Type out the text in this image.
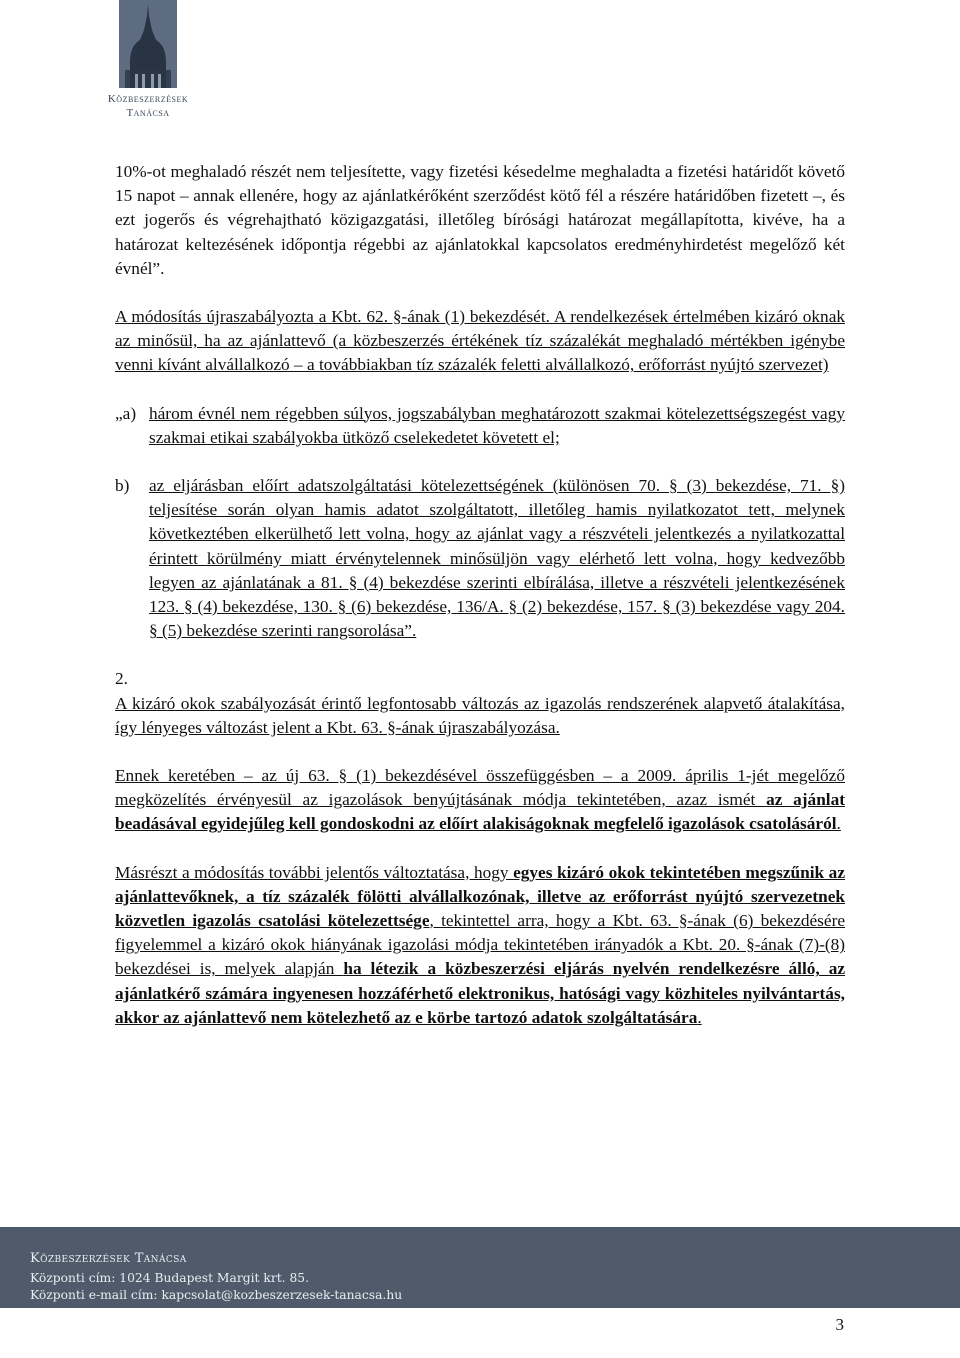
Közbeszerzések
Tanácsa

10%-ot meghaladó részét nem teljesítette, vagy fizetési késedelme meghaladta a fizetési határidőt követő 15 napot – annak ellenére, hogy az ajánlatkérőként szerződést kötő fél a részére határidőben fizetett –, és ezt jogerős és végrehajtható közigazgatási, illetőleg bírósági határozat megállapította, kivéve, ha a határozat keltezésének időpontja régebbi az ajánlatokkal kapcsolatos eredményhirdetést megelőző két évnél”.

A módosítás újraszabályozta a Kbt. 62. §-ának (1) bekezdését. A rendelkezések értelmében kizáró oknak az minősül, ha az ajánlattevő (a közbeszerzés értékének tíz százalékát meghaladó mértékben igénybe venni kívánt alvállalkozó – a továbbiakban tíz százalék feletti alvállalkozó, erőforrást nyújtó szervezet)

„a) három évnél nem régebben súlyos, jogszabályban meghatározott szakmai kötelezettségszegést vagy szakmai etikai szabályokba ütköző cselekedetet követett el;
b)	az eljárásban előírt adatszolgáltatási kötelezettségének (különösen 70. § (3) bekezdése, 71. §) teljesítése során olyan hamis adatot szolgáltatott, illetőleg hamis nyilatkozatot tett, melynek következtében elkerülhető lett volna, hogy az ajánlat vagy a részvételi jelentkezés a nyilatkozattal érintett körülmény miatt érvénytelennek minősüljön vagy elérhető lett volna, hogy kedvezőbb legyen az ajánlatának a 81. § (4) bekezdése szerinti elbírálása, illetve a részvételi jelentkezésének 123. § (4) bekezdése, 130. § (6) bekezdése, 136/A. § (2) bekezdése, 157. § (3) bekezdése vagy 204. § (5) bekezdése szerinti rangsorolása”.

2.

A kizáró okok szabályozását érintő legfontosabb változás az igazolás rendszerének alapvető átalakítása, így lényeges változást jelent a Kbt. 63. §-ának újraszabályozása.

Ennek keretében – az új 63. § (1) bekezdésével összefüggésben – a 2009. április 1-jét megelőző megközelítés érvényesül az igazolások benyújtásának módja tekintetében, azaz ismét az ajánlat beadásával egyidejűleg kell gondoskodni az előírt alakiságoknak megfelelő igazolások csatolásáról.

Másrészt a módosítás további jelentős változtatása, hogy egyes kizáró okok tekintetében megszűnik az ajánlattevőknek, a tíz százalék fölötti alvállalkozónak, illetve az erőforrást nyújtó szervezetnek közvetlen igazolás csatolási kötelezettsége, tekintettel arra, hogy a Kbt. 63. §-ának (6) bekezdésére figyelemmel a kizáró okok hiányának igazolási módja tekintetében irányadók a Kbt. 20. §-ának (7)-(8) bekezdései is, melyek alapján ha létezik a közbeszerzési eljárás nyelvén rendelkezésre álló, az ajánlatkérő számára ingyenesen hozzáférhető elektronikus, hatósági vagy közhiteles nyilvántartás, akkor az ajánlattevő nem kötelezhető az e körbe tartozó adatok szolgáltatására.

Közbeszerzések Tanácsa
Központi cím: 1024 Budapest Margit krt. 85.
Központi e-mail cím: kapcsolat@kozbeszerzesek-tanacsa.hu
3
